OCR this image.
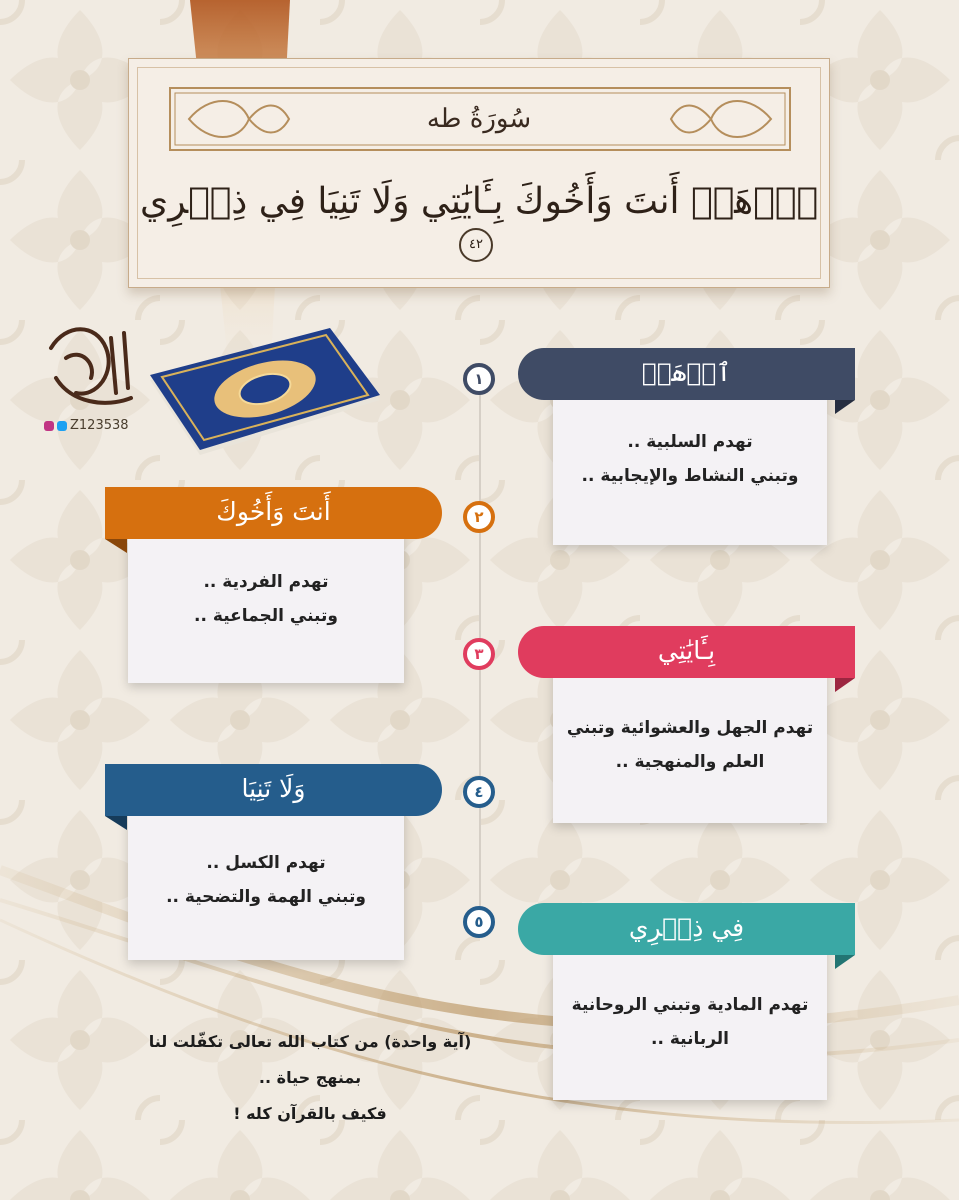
سُورَةُ طه
ٱذۡهَبۡ أَنتَ وَأَخُوكَ بِـَٔايَٰتِي وَلَا تَنِيَا فِي ذِكۡرِي ٤٢
Z123538
١

تهدم السلبية ..

وتبني النشاط والإيجابية ..

ٱذۡهَبۡ
٢

تهدم الفردية ..

وتبني الجماعية ..

أَنتَ وَأَخُوكَ
٣

تهدم الجهل والعشوائية وتبني

العلم والمنهجية ..

بِـَٔايَٰتِي
٤

تهدم الكسل ..

وتبني الهمة والتضحية ..

وَلَا تَنِيَا
٥

تهدم المادية وتبني الروحانية

الربانية ..

فِي ذِكۡرِي

(آية واحدة) من كتاب الله تعالى تكفّلت لنا

بمنهج حياة ..

فكيف بالقرآن كله !
